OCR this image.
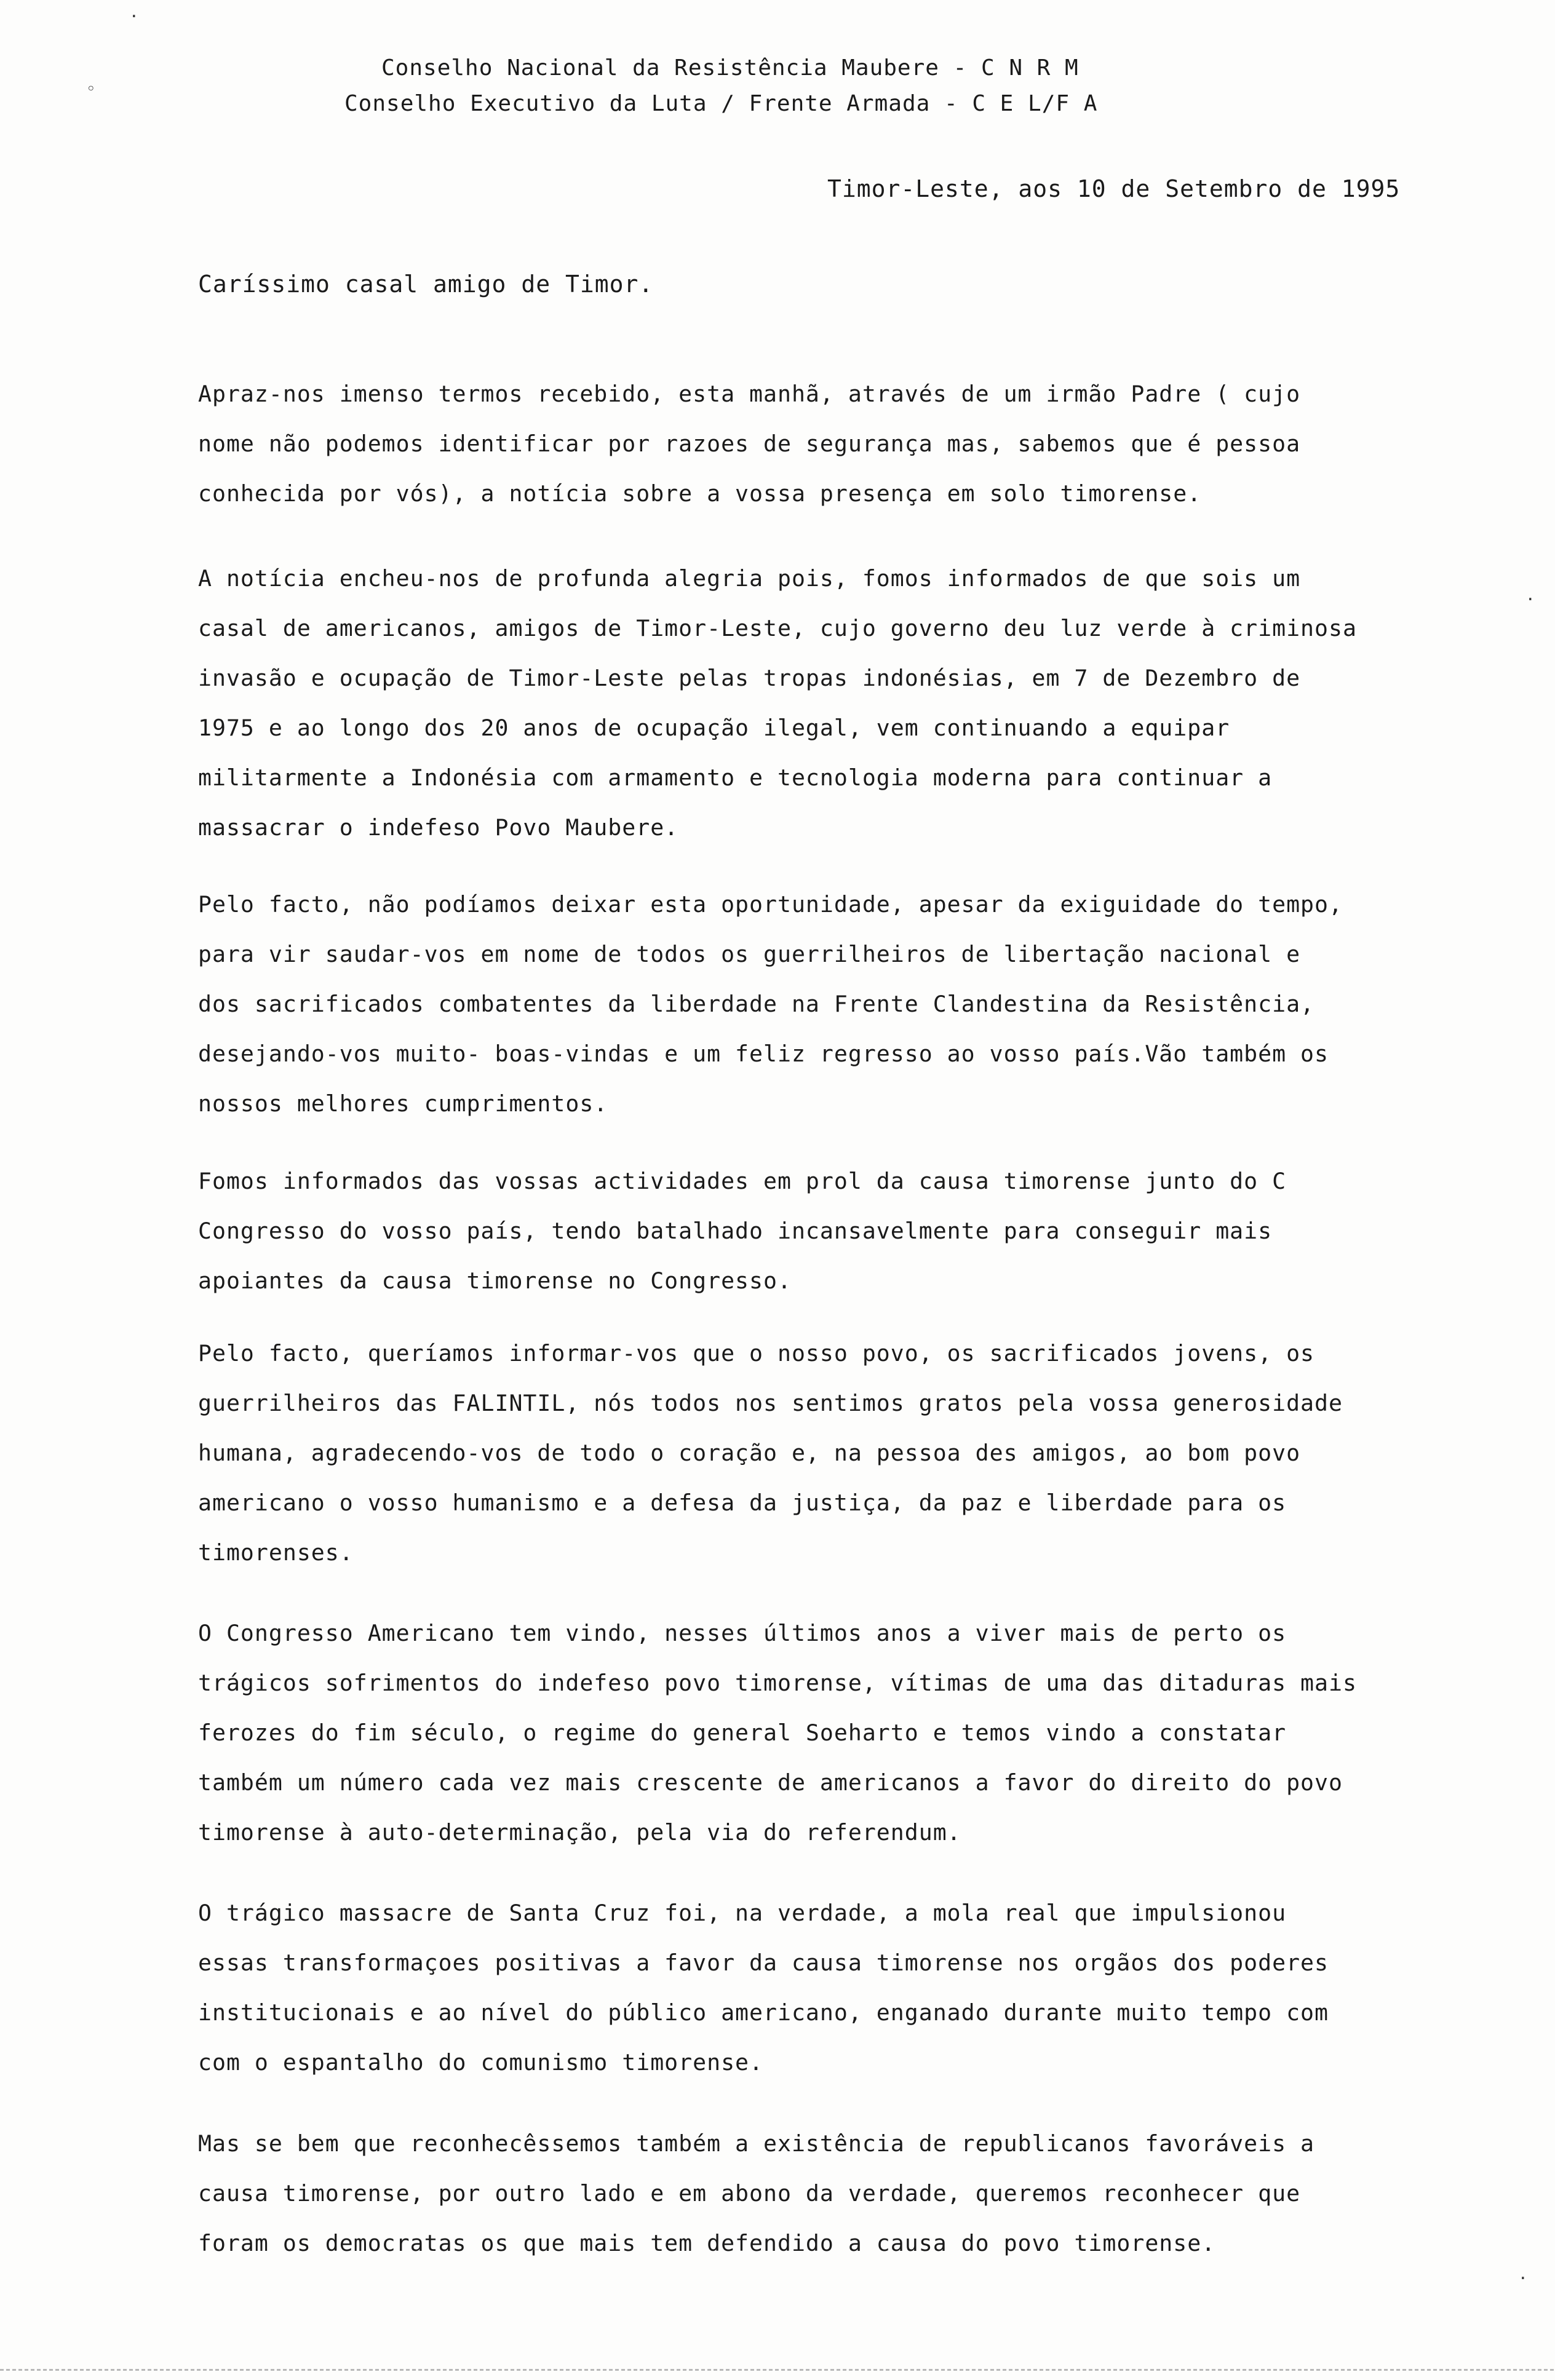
Conselho Nacional da Resistência Maubere - C N R M
Conselho Executivo da Luta / Frente Armada - C E L/F A
Timor-Leste, aos 10 de Setembro de 1995
Caríssimo casal amigo de Timor.
Apraz-nos imenso termos recebido, esta manhã, através de um irmão Padre ( cujo
nome não podemos identificar por razoes de segurança mas, sabemos que é pessoa
conhecida por vós), a notícia sobre a vossa presença em solo timorense.
A notícia encheu-nos de profunda alegria pois, fomos informados de que sois um
casal de americanos, amigos de Timor-Leste, cujo governo deu luz verde à criminosa
invasão e ocupação de Timor-Leste pelas tropas indonésias, em 7 de Dezembro de
1975 e ao longo dos 20 anos de ocupação ilegal, vem continuando a equipar
militarmente a Indonésia com armamento e tecnologia moderna para continuar a
massacrar o indefeso Povo Maubere.
Pelo facto, não podíamos deixar esta oportunidade, apesar da exiguidade do tempo,
para vir saudar-vos em nome de todos os guerrilheiros de libertação nacional e
dos sacrificados combatentes da liberdade na Frente Clandestina da Resistência,
desejando-vos muito- boas-vindas e um feliz regresso ao vosso país.Vão também os
nossos melhores cumprimentos.
Fomos informados das vossas actividades em prol da causa timorense junto do C
Congresso do vosso país, tendo batalhado incansavelmente para conseguir mais
apoiantes da causa timorense no Congresso.
Pelo facto, queríamos informar-vos que o nosso povo, os sacrificados jovens, os
guerrilheiros das FALINTIL, nós todos nos sentimos gratos pela vossa generosidade
humana, agradecendo-vos de todo o coração e, na pessoa des amigos, ao bom povo
americano o vosso humanismo e a defesa da justiça, da paz e liberdade para os
timorenses.
O Congresso Americano tem vindo, nesses últimos anos a viver mais de perto os
trágicos sofrimentos do indefeso povo timorense, vítimas de uma das ditaduras mais
ferozes do fim século, o regime do general Soeharto e temos vindo a constatar
também um número cada vez mais crescente de americanos a favor do direito do povo
timorense à auto-determinação, pela via do referendum.
O trágico massacre de Santa Cruz foi, na verdade, a mola real que impulsionou
essas transformaçoes positivas a favor da causa timorense nos orgãos dos poderes
institucionais e ao nível do público americano, enganado durante muito tempo com
com o espantalho do comunismo timorense.
Mas se bem que reconhecêssemos também a existência de republicanos favoráveis a
causa timorense, por outro lado e em abono da verdade, queremos reconhecer que
foram os democratas os que mais tem defendido a causa do povo timorense.
◦
·
·
·
